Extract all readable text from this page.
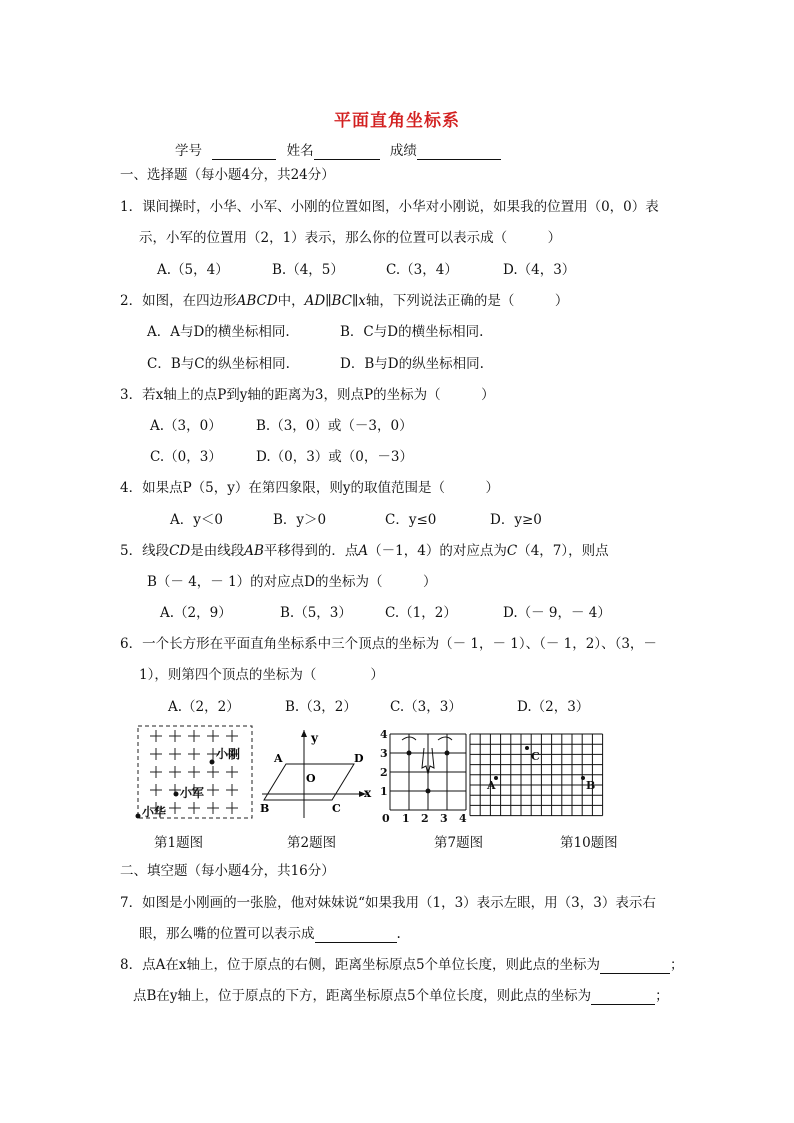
平面直角坐标系
学号	姓名	成绩
一、选择题（每小题4分，共24分）
1．课间操时，小华、小军、小刚的位置如图，小华对小刚说，如果我的位置用（0，0）表
示，小军的位置用（2，1）表示，那么你的位置可以表示成（　　　）
A.（5，4）	B.（4，5）	C.（3，4）	D.（4，3）
2．如图，在四边形ABCD中，AD∥BC∥x轴，下列说法正确的是（　　　）
A．A与D的横坐标相同.	B．C与D的横坐标相同.
C．B与C的纵坐标相同.	D．B与D的纵坐标相同.
3．若x轴上的点P到y轴的距离为3，则点P的坐标为（　　　）
A.（3，0）	B.（3，0）或（－3，0）
C.（0，3）	D.（0，3）或（0，－3）
4．如果点P（5，y）在第四象限，则y的取值范围是（　　　）
A．y＜0	B．y＞0	C．y≤0	D．y≥0
5．线段CD是由线段AB平移得到的．点A（－1，4）的对应点为C（4，7），则点
B（－ 4，－ 1）的对应点D的坐标为（　　　）
A.（2，9）	B.（5，3） C.（1，2）	D.（－ 9，－ 4）
6．一个长方形在平面直角坐标系中三个顶点的坐标为（－ 1，－ 1）、（－ 1，2）、（3，－
1），则第四个顶点的坐标为（　　　　）
A.（2，2）	B.（3，2） C.（3，3）	D.（2，3）
小刚
小军
小华
第1题图
y
x
O
A
B	C
D
第2题图
4
3
2
1
0 1 2 3 4
第7题图
A
C
B
第10题图
二、填空题（每小题4分，共16分）
7．如图是小刚画的一张脸，他对妹妹说“如果我用（1，3）表示左眼，用（3，3）表示右
眼，那么嘴的位置可以表示成	.
8．点A在x轴上，位于原点的右侧，距离坐标原点5个单位长度，则此点的坐标为	；
点B在y轴上，位于原点的下方，距离坐标原点5个单位长度，则此点的坐标为	；
